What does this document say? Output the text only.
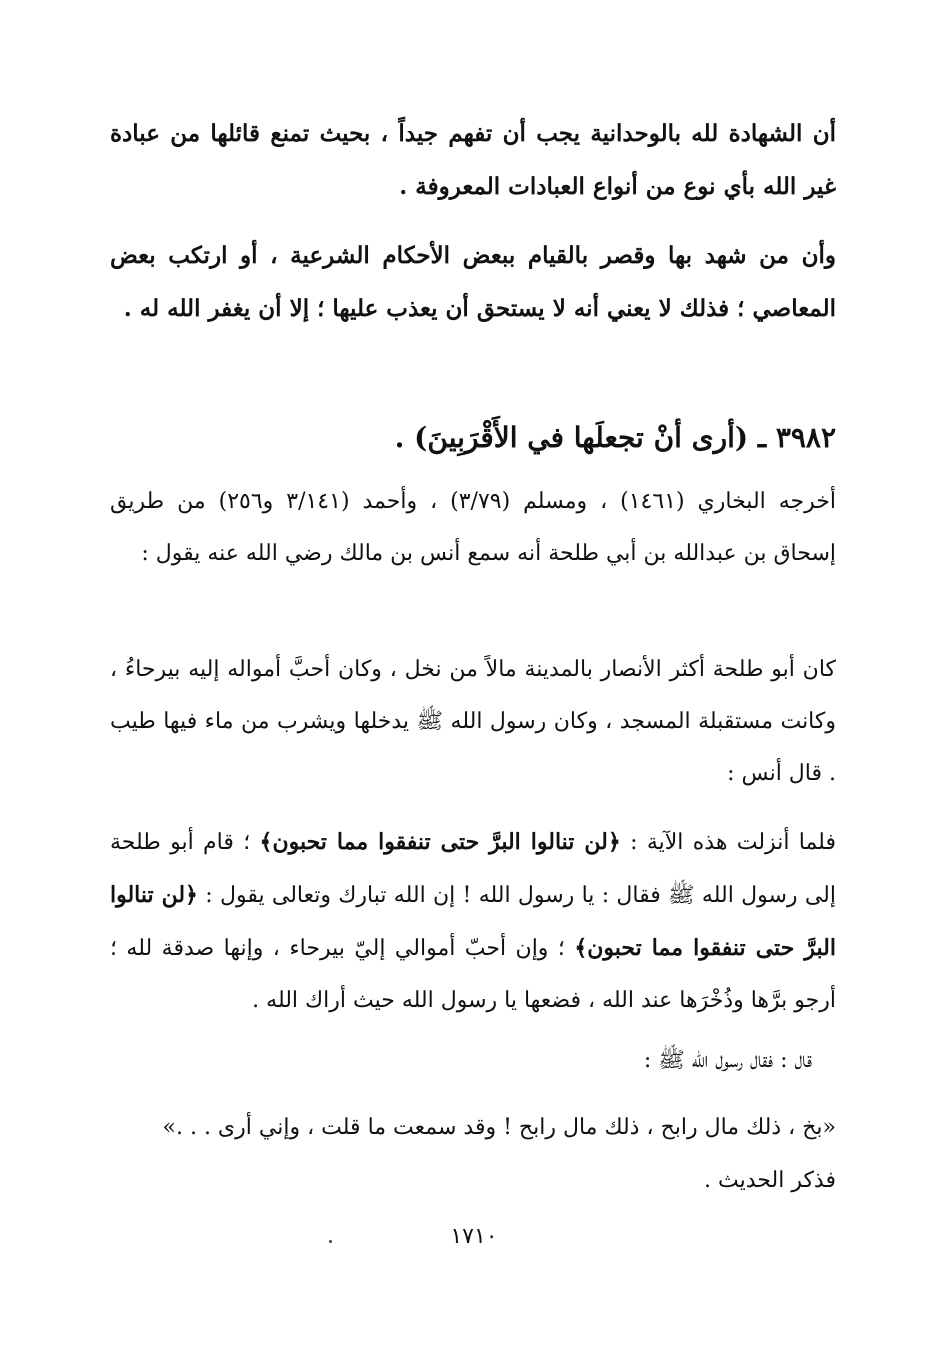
أن الشهادة لله بالوحدانية يجب أن تفهم جيداً ، بحيث تمنع قائلها من عبادة غير الله بأي نوع من أنواع العبادات المعروفة .
وأن من شهد بها وقصر بالقيام ببعض الأحكام الشرعية ، أو ارتكب بعض المعاصي ؛ فذلك لا يعني أنه لا يستحق أن يعذب عليها ؛ إلا أن يغفر الله له .
٣٩٨٢ ـ (أرى أنْ تجعلَها في الأَقْرَبِينَ) .
أخرجه البخاري (١٤٦١) ، ومسلم (٣/٧٩) ، وأحمد (٣/١٤١ و٢٥٦) من طريق إسحاق بن عبدالله بن أبي طلحة أنه سمع أنس بن مالك رضي الله عنه يقول :
كان أبو طلحة أكثر الأنصار بالمدينة مالاً من نخل ، وكان أحبَّ أمواله إليه بيرحاءُ ، وكانت مستقبلة المسجد ، وكان رسول الله ﷺ يدخلها ويشرب من ماء فيها طيب . قال أنس :
فلما أنزلت هذه الآية : ﴿لن تنالوا البرَّ حتى تنفقوا مما تحبون﴾ ؛ قام أبو طلحة إلى رسول الله ﷺ فقال : يا رسول الله ! إن الله تبارك وتعالى يقول : ﴿لن تنالوا البرَّ حتى تنفقوا مما تحبون﴾ ؛ وإن أحبّ أموالي إليّ بيرحاء ، وإنها صدقة لله ؛ أرجو برَّها وذُخْرَها عند الله ، فضعها يا رسول الله حيث أراك الله .
قال : فقال رسول الله ﷺ :
«بخ ، ذلك مال رابح ، ذلك مال رابح ! وقد سمعت ما قلت ، وإني أرى . . .»
فذكر الحديث .
١٧١٠
